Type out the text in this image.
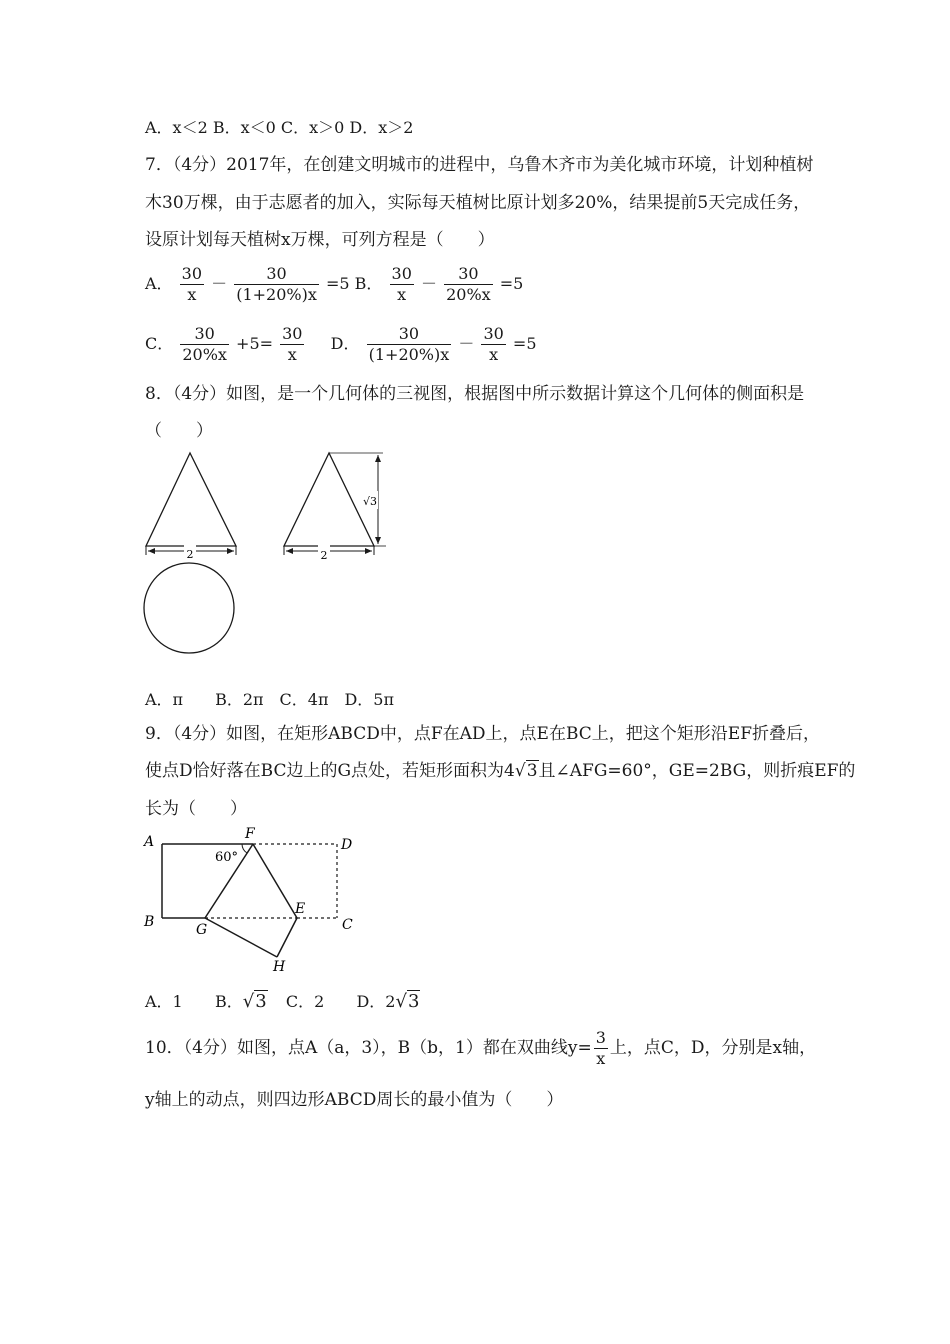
A．x＜2 B．x＜0 C．x＞0 D．x＞2
7．（4分）2017年，在创建文明城市的进程中，乌鲁木齐市为美化城市环境，计划种植树
木30万棵，由于志愿者的加入，实际每天植树比原计划多20%，结果提前5天完成任务，
设原计划每天植树x万棵，可列方程是（　　）
A． $\frac{30}{x} - \frac{30}{(1+20\%)x} =5$ B． $\frac{30}{x} - \frac{30}{20\%x} =5$
C． $\frac{30}{20\%x} +5= \frac{30}{x}$ D． $\frac{30}{(1+20\%)x} - \frac{30}{x} =5$
8．（4分）如图，是一个几何体的三视图，根据图中所示数据计算这个几何体的侧面积是
（　　）
2
√3
2
A．π　　B．2π　C．4π　D．5π
9．（4分）如图，在矩形ABCD中，点F在AD上，点E在BC上，把这个矩形沿EF折叠后，
使点D恰好落在BC边上的G点处，若矩形面积为4√3且∠AFG=60°，GE=2BG，则折痕EF的
长为（　　）
60°
A	F
D
B	G
E
C
H
A．1 B．√3 C．2 D．2√3
10．（4分）如图，点A（a，3），B（b，1）都在双曲线$y= \frac{3}{x}$ 上，点C，D，分别是x轴，
y轴上的动点，则四边形ABCD周长的最小值为（　　）
